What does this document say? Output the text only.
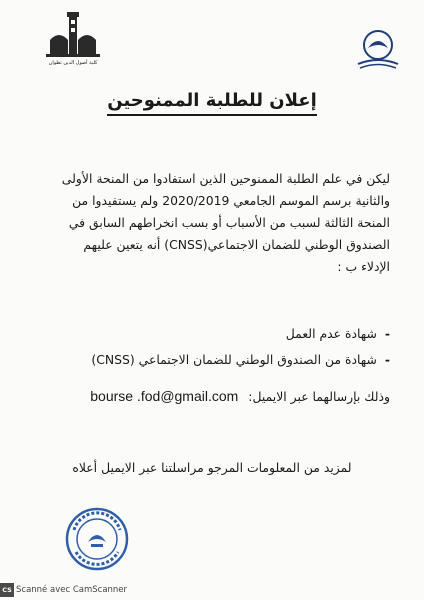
كلية أصول الدين تطوان
إعلان للطلبة الممنوحين

ليكن في علم الطلبة الممنوحين الذين استفادوا من المنحة الأولى

والثانية برسم الموسم الجامعي 2020/2019 ولم يستفيدوا من

المنحة الثالثة لسبب من الأسباب أو بسب انخراطهم السابق في

الصندوق الوطني للضمان الاجتماعي(CNSS) أنه يتعين عليهم

الإدلاء ب :

-
شهادة عدم العمل
-
شهادة من الصندوق الوطني للضمان الاجتماعي (CNSS)
وذلك بإرسالهما عبر الايميل: bourse .fod@gmail.com
لمزيد من المعلومات المرجو مراسلتنا عبر الايميل أعلاه
CS Scanné avec CamScanner
